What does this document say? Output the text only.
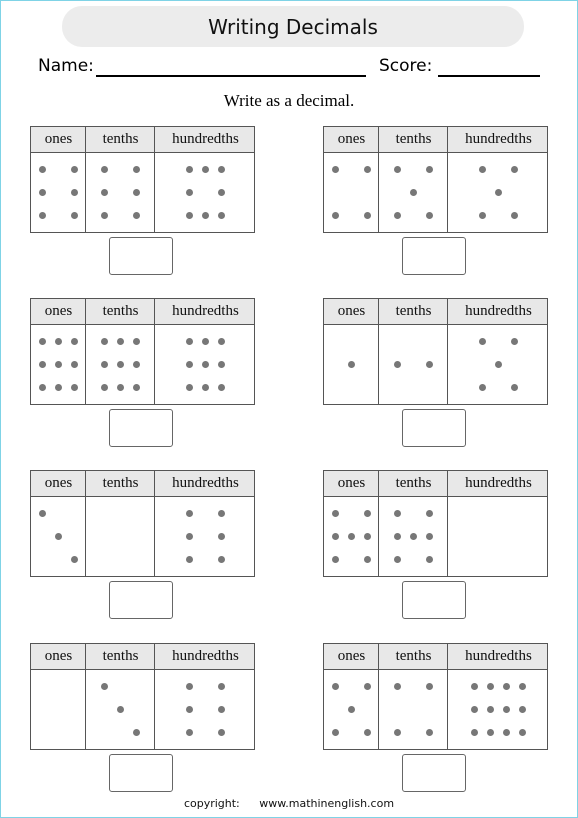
Writing Decimals
Name:	Score:
Write as a decimal.
ones	tenths	hundredths	ones	tenths	hundredths
ones	tenths	hundredths	ones	tenths	hundredths
ones	tenths	hundredths	ones	tenths	hundredths
ones	tenths	hundredths	ones	tenths	hundredths
copyright: www.mathinenglish.com
